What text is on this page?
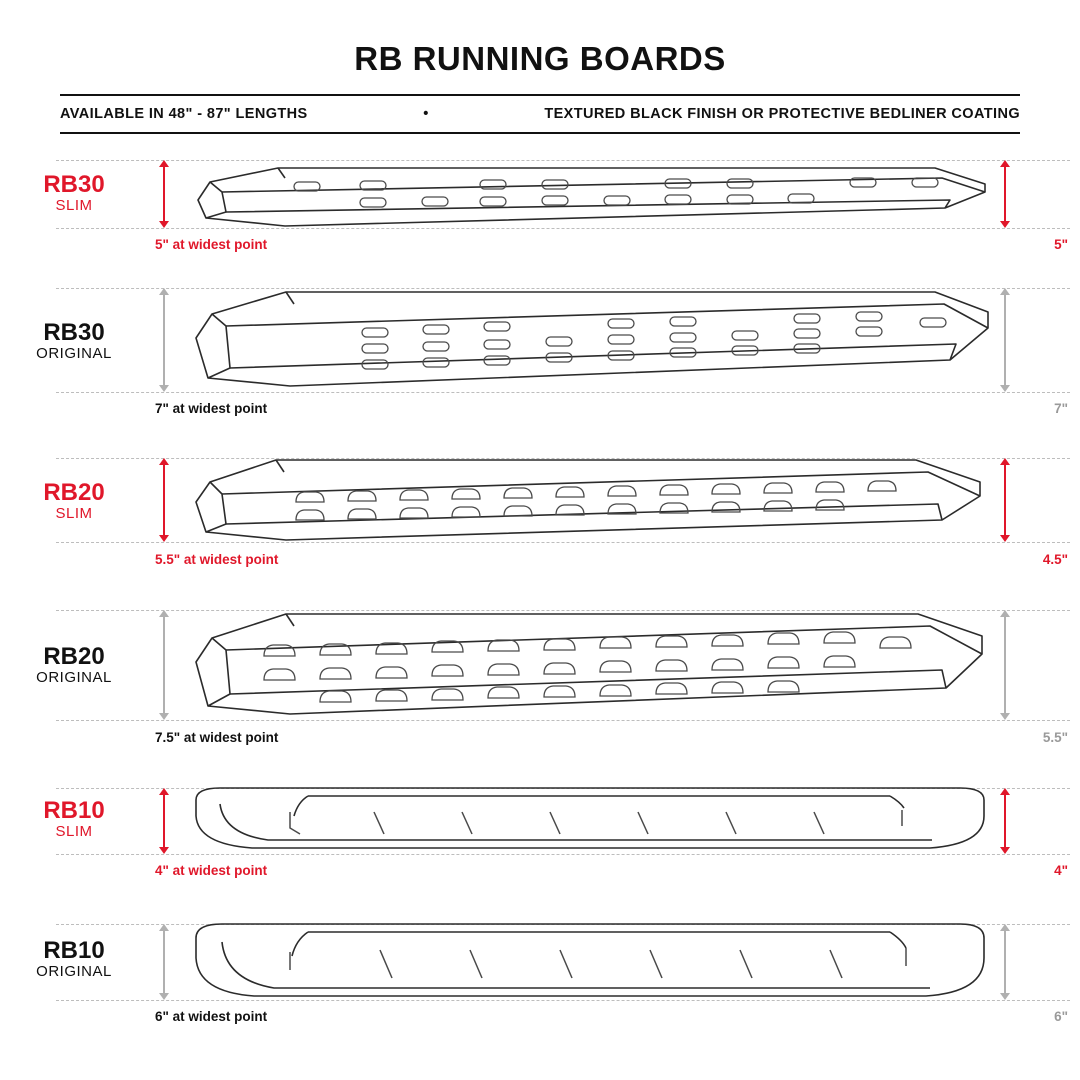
RB RUNNING BOARDS
AVAILABLE IN 48" - 87" LENGTHS	•	TEXTURED BLACK FINISH OR PROTECTIVE BEDLINER COATING
RB30
SLIM
5" at widest point	5"
RB30
ORIGINAL
7" at widest point	7"
RB20
SLIM
5.5" at widest point	4.5"
RB20
ORIGINAL
7.5" at widest point	5.5"
RB10
SLIM
4" at widest point	4"
RB10
ORIGINAL
6" at widest point	6"
